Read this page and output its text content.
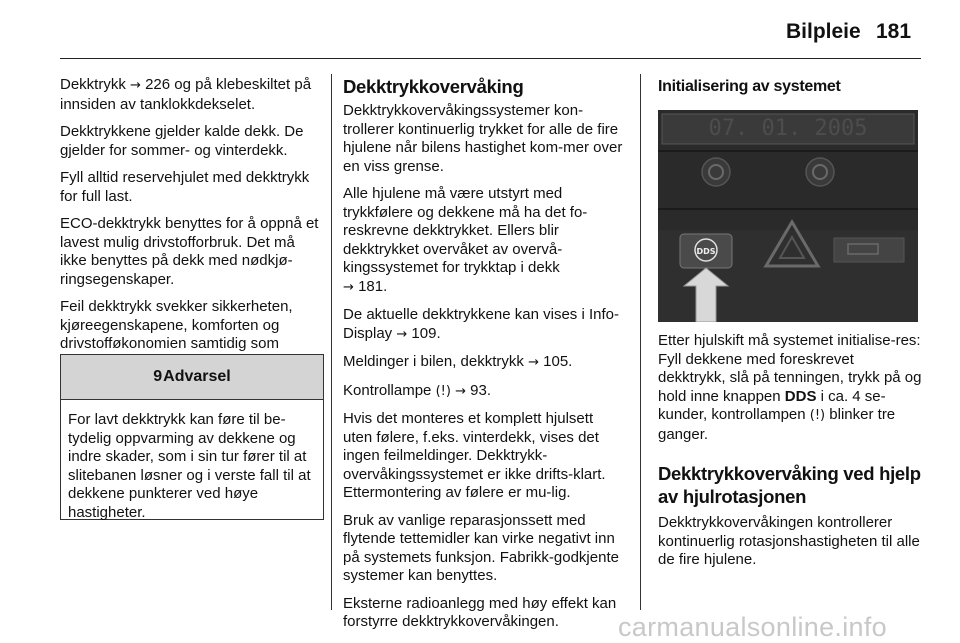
Bilpleie 181

Dekktrykk → 226 og på klebeskiltet på innsiden av tanklokkdekselet.

Dekktrykkene gjelder kalde dekk. De gjelder for sommer- og vinterdekk.

Fyll alltid reservehjulet med dekktrykk for full last.

ECO-dekktrykk benyttes for å oppnå et lavest mulig drivstofforbruk. Det må ikke benyttes på dekk med nødkjø-ringsegenskaper.

Feil dekktrykk svekker sikkerheten, kjøreegenskapene, komforten og drivstofføkonomien samtidig som

9 Advarsel
For lavt dekktrykk kan føre til be-tydelig oppvarming av dekkene og indre skader, som i sin tur fører til at slitebanen løsner og i verste fall til at dekkene punkterer ved høye hastigheter.
Dekktrykkovervåking

Dekktrykkovervåkingssystemer kon-trollerer kontinuerlig trykket for alle de fire hjulene når bilens hastighet kom-mer over en viss grense.

Alle hjulene må være utstyrt med trykkfølere og dekkene må ha det fo-reskrevne dekktrykket. Ellers blir dekktrykket overvåket av overvå-kingssystemet for trykktap i dekk
→ 181.

De aktuelle dekktrykkene kan vises i Info-Display → 109.

Meldinger i bilen, dekktrykk → 105.

Kontrollampe (!) → 93.

Hvis det monteres et komplett hjulsett uten følere, f.eks. vinterdekk, vises det ingen feilmeldinger. Dekktrykk-overvåkingssystemet er ikke drifts-klart. Ettermontering av følere er mu-lig.

Bruk av vanlige reparasjonssett med flytende tettemidler kan virke negativt inn på systemets funksjon. Fabrikk-godkjente systemer kan benyttes.

Eksterne radioanlegg med høy effekt kan forstyrre dekktrykkovervåkingen.

Initialisering av systemet
07. 01. 2005
DDS

Etter hjulskift må systemet initialise-res: Fyll dekkene med foreskrevet dekktrykk, slå på tenningen, trykk på og hold inne knappen DDS i ca. 4 se-kunder, kontrollampen (!) blinker tre ganger.

Dekktrykkovervåking ved hjelp av hjulrotasjonen

Dekktrykkovervåkingen kontrollerer kontinuerlig rotasjonshastigheten til alle de fire hjulene.

carmanualsonline.info
